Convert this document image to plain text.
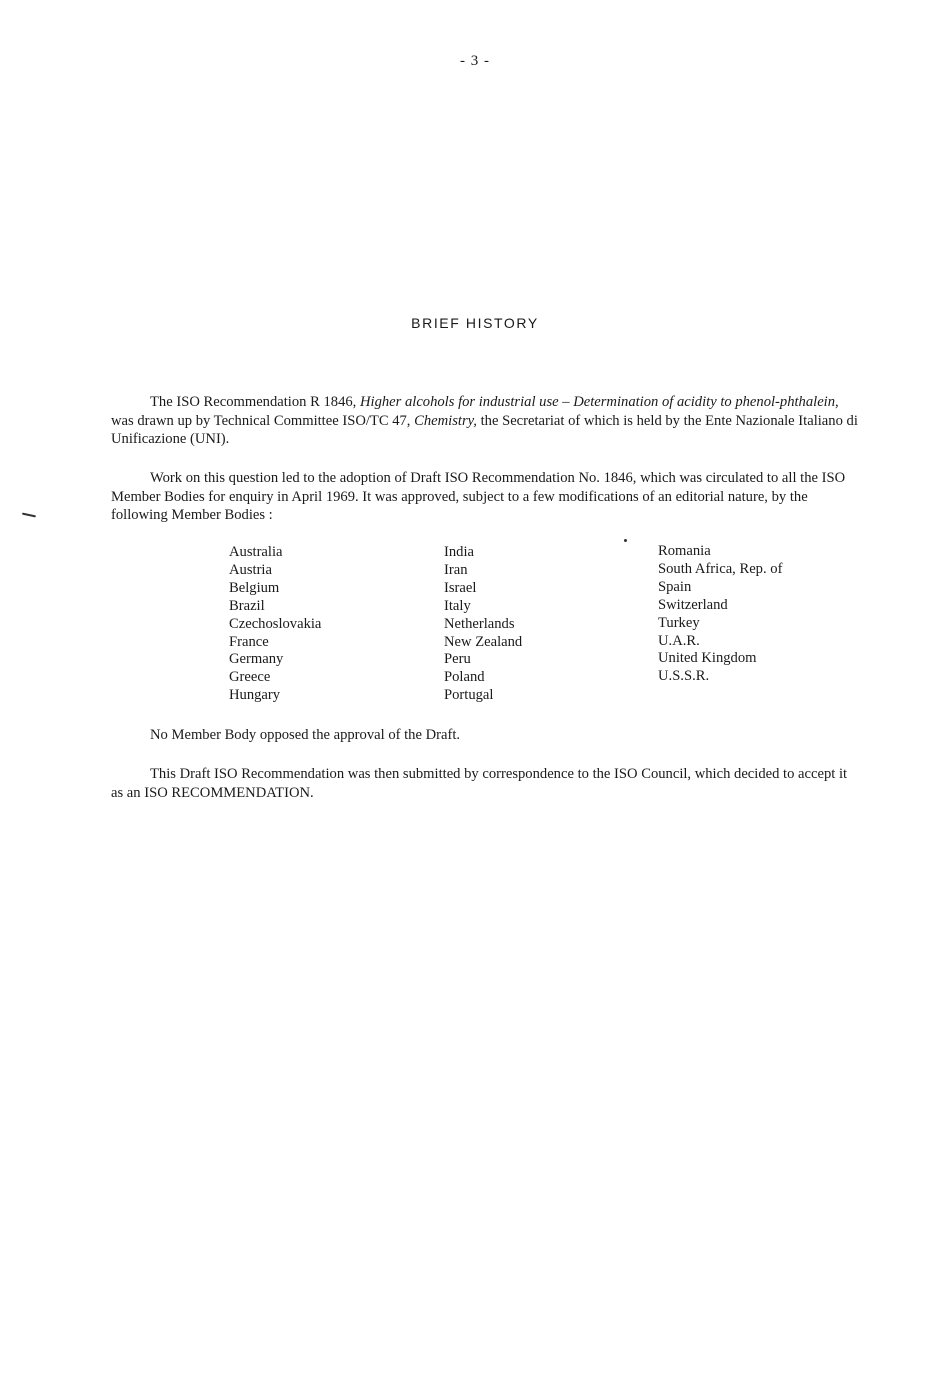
- 3 -
BRIEF HISTORY

The ISO Recommendation R 1846, Higher alcohols for industrial use – Determination of acidity to phenol-phthalein, was drawn up by Technical Committee ISO/TC 47, Chemistry, the Secretariat of which is held by the Ente Nazionale Italiano di Unificazione (UNI).

Work on this question led to the adoption of Draft ISO Recommendation No. 1846, which was circulated to all the ISO Member Bodies for enquiry in April 1969. It was approved, subject to a few modifications of an editorial nature, by the following Member Bodies :

Australia
Austria
Belgium
Brazil
Czechoslovakia
France
Germany
Greece
Hungary
India
Iran
Israel
Italy
Netherlands
New Zealand
Peru
Poland
Portugal
Romania
South Africa, Rep. of
Spain
Switzerland
Turkey
U.A.R.
United Kingdom
U.S.S.R.

No Member Body opposed the approval of the Draft.

This Draft ISO Recommendation was then submitted by correspondence to the ISO Council, which decided to accept it as an ISO RECOMMENDATION.
